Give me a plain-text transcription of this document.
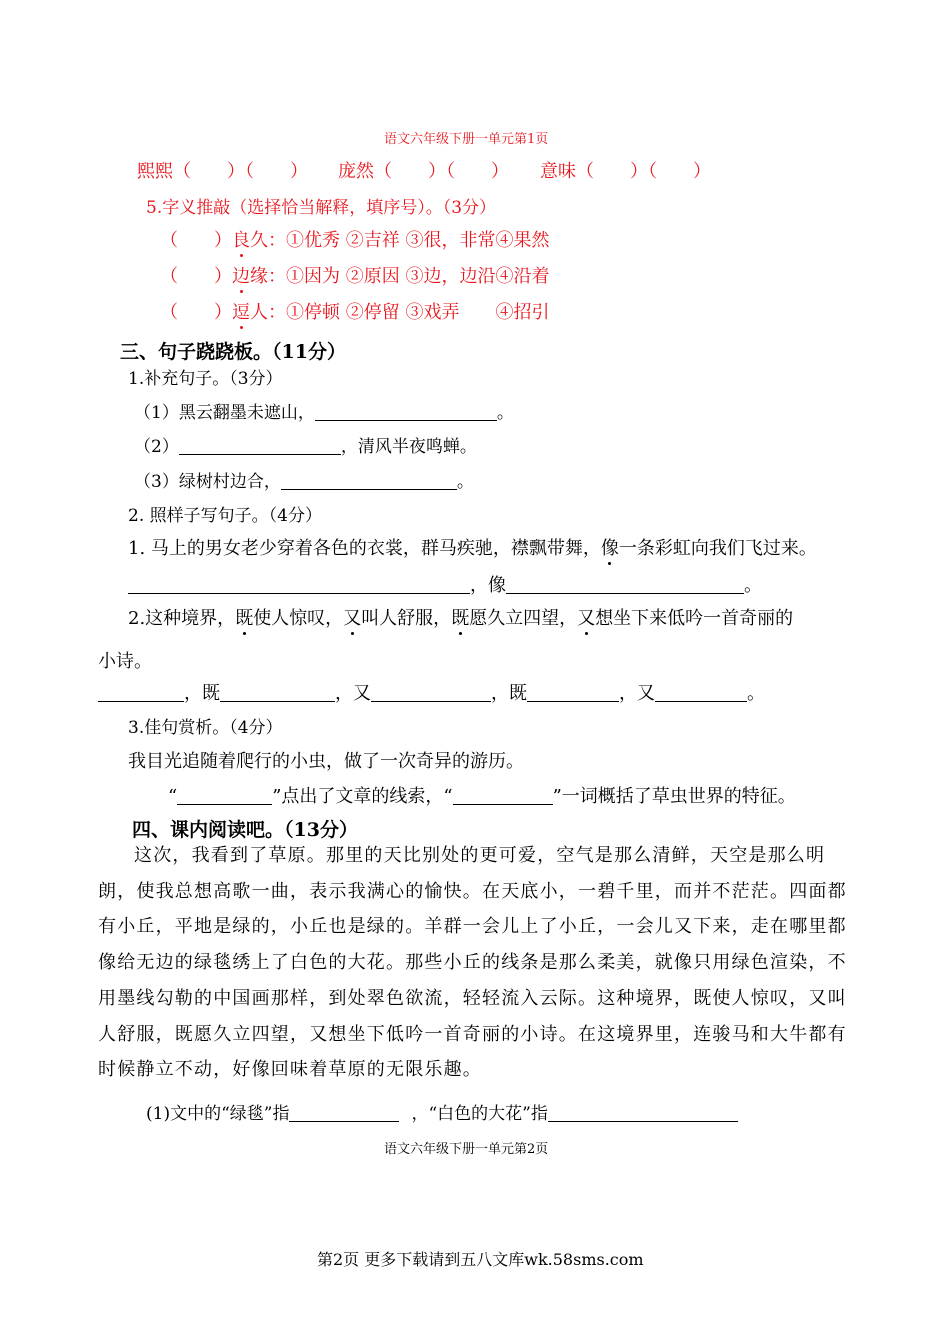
语文六年级下册一单元第1页
熙熙（　　）（　　） 庞然（　　）（　　） 意味（　　）（　　）
5.字义推敲（选择恰当解释，填序号）。（3分）
（　　）良久：①优秀 ②吉祥 ③很，非常④果然
（　　）边缘：①因为 ②原因 ③边，边沿④沿着
（　　）逗人：①停顿 ②停留 ③戏弄　　④招引
三、句子跷跷板。（11分）
1.补充句子。（3分）
（1）黑云翻墨未遮山，	。
（2）	，清风半夜鸣蝉。
（3）绿树村边合，	。
2. 照样子写句子。（4分）
1. 马上的男女老少穿着各色的衣裳，群马疾驰，襟飘带舞，像一条彩虹向我们飞过来。
，像	。
2.这种境界，既使人惊叹，又叫人舒服，既愿久立四望，又想坐下来低吟一首奇丽的
小诗。
，既	，又	，既	，又	。
3.佳句赏析。（4分）
我目光追随着爬行的小虫，做了一次奇异的游历。
“	”点出了文章的线索，“	”一词概括了草虫世界的特征。
四、课内阅读吧。（13分）
这次，我看到了草原。那里的天比别处的更可爱，空气是那么清鲜，天空是那么明朗，使我总想高歌一曲，表示我满心的愉快。在天底小，一碧千里，而并不茫茫。四面都有小丘，平地是绿的，小丘也是绿的。羊群一会儿上了小丘，一会儿又下来，走在哪里都像给无边的绿毯绣上了白色的大花。那些小丘的线条是那么柔美，就像只用绿色渲染，不用墨线勾勒的中国画那样，到处翠色欲流，轻轻流入云际。这种境界，既使人惊叹，又叫人舒服，既愿久立四望，又想坐下低吟一首奇丽的小诗。在这境界里，连骏马和大牛都有时候静立不动，好像回味着草原的无限乐趣。
(1)文中的“绿毯”指	，“白色的大花”指
语文六年级下册一单元第2页
第2页 更多下载请到五八文库wk.58sms.com
